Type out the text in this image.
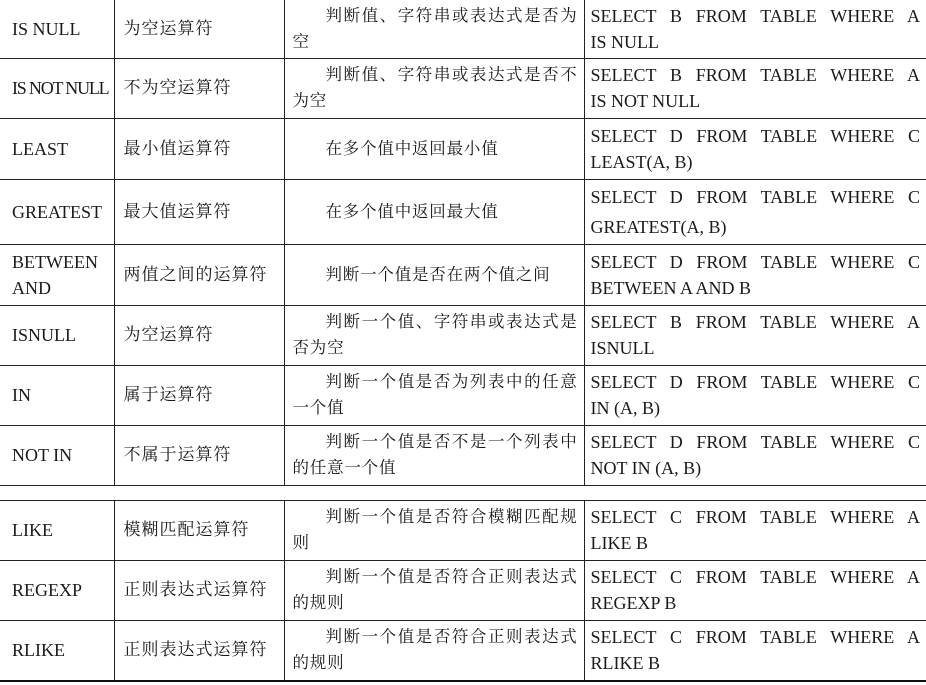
IS NULL	为空运算符	判断值、字符串或表达式是否为空	SELECT B FROM TABLE WHERE A
IS NULL

IS NOT NULL	不为空运算符	判断值、字符串或表达式是否不为空	SELECT B FROM TABLE WHERE A
IS NOT NULL

LEAST	最小值运算符	在多个值中返回最小值	SELECT D FROM TABLE WHERE C
LEAST(A, B)

GREATEST	最大值运算符	在多个值中返回最大值	SELECT D FROM TABLE WHERE C
GREATEST(A, B)

BETWEEN AND	两值之间的运算符	判断一个值是否在两个值之间	SELECT D FROM TABLE WHERE C
BETWEEN A AND B

ISNULL	为空运算符	判断一个值、字符串或表达式是否为空	SELECT B FROM TABLE WHERE A
ISNULL

IN	属于运算符	判断一个值是否为列表中的任意一个值	SELECT D FROM TABLE WHERE C
IN (A, B)

NOT IN	不属于运算符	判断一个值是否不是一个列表中的任意一个值	SELECT D FROM TABLE WHERE C
NOT IN (A, B)

LIKE	模糊匹配运算符	判断一个值是否符合模糊匹配规则	SELECT C FROM TABLE WHERE A
LIKE B

REGEXP	正则表达式运算符	判断一个值是否符合正则表达式的规则	SELECT C FROM TABLE WHERE A
REGEXP B

RLIKE	正则表达式运算符	判断一个值是否符合正则表达式的规则	SELECT C FROM TABLE WHERE A
RLIKE B
